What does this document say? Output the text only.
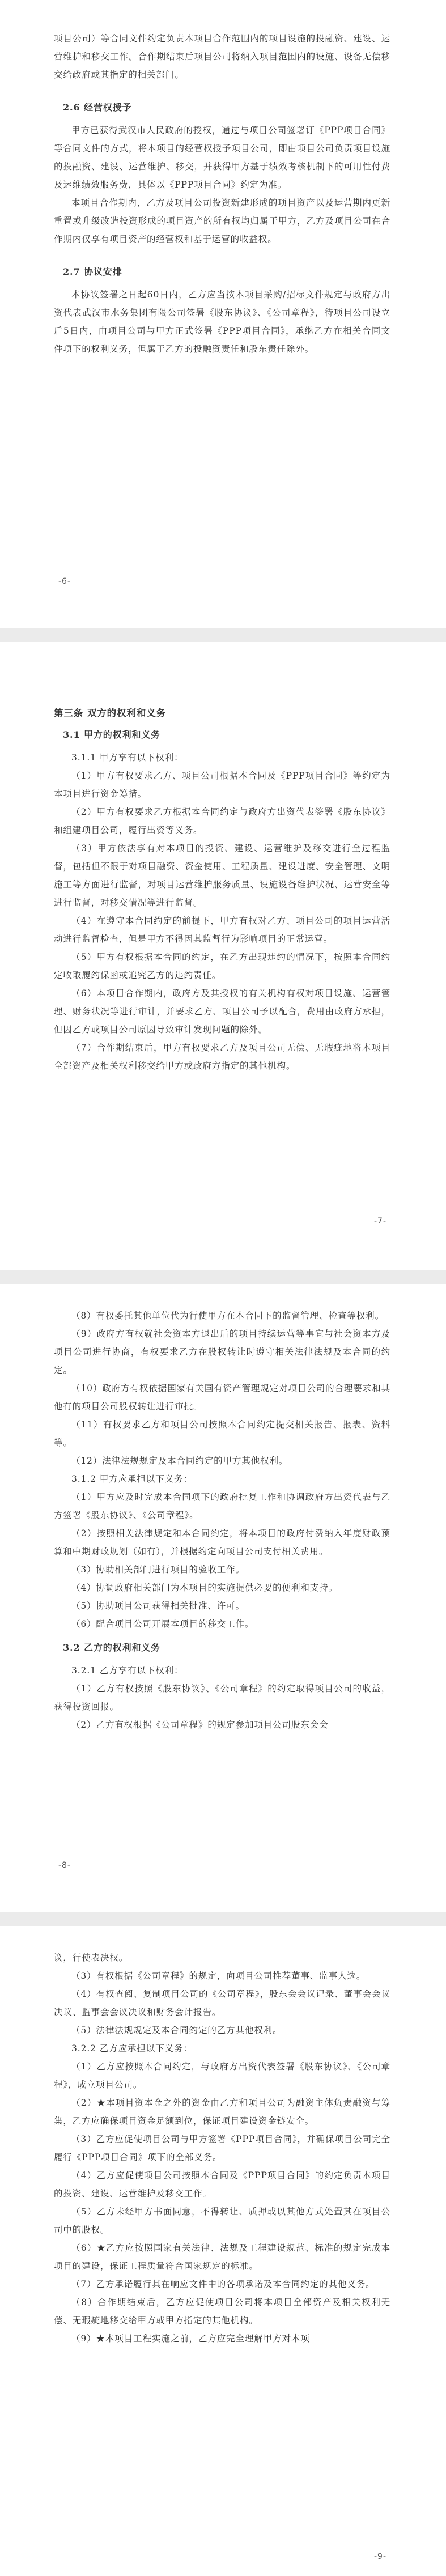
项目公司）等合同文件约定负责本项目合作范围内的项目设施的投融资、建设、运营维护和移交工作。合作期结束后项目公司将纳入项目范围内的设施、设备无偿移交给政府或其指定的相关部门。

2.6 经营权授予

甲方已获得武汉市人民政府的授权，通过与项目公司签署订《PPP项目合同》等合同文件的方式，将本项目的经营权授予项目公司，即由项目公司负责项目设施的投融资、建设、运营维护、移交，并获得甲方基于绩效考核机制下的可用性付费及运维绩效服务费，具体以《PPP项目合同》约定为准。

本项目合作期内，乙方及项目公司投资新建形成的项目资产以及运营期内更新重置或升级改造投资形成的项目资产的所有权均归属于甲方，乙方及项目公司在合作期内仅享有项目资产的经营权和基于运营的收益权。

2.7 协议安排

本协议签署之日起60日内，乙方应当按本项目采购/招标文件规定与政府方出资代表武汉市水务集团有限公司签署《股东协议》、《公司章程》，待项目公司设立后5日内，由项目公司与甲方正式签署《PPP项目合同》，承继乙方在相关合同文件项下的权利义务，但属于乙方的投融资责任和股东责任除外。

-6-

第三条 双方的权利和义务

3.1 甲方的权利和义务

3.1.1 甲方享有以下权利：

（1）甲方有权要求乙方、项目公司根据本合同及《PPP项目合同》等约定为本项目进行资金筹措。

（2）甲方有权要求乙方根据本合同约定与政府方出资代表签署《股东协议》和组建项目公司，履行出资等义务。

（3）甲方依法享有对本项目的投资、建设、运营维护及移交进行全过程监督，包括但不限于对项目融资、资金使用、工程质量、建设进度、安全管理、文明施工等方面进行监督，对项目运营维护服务质量、设施设备维护状况、运营安全等进行监督，对移交情况等进行监督。

（4）在遵守本合同约定的前提下，甲方有权对乙方、项目公司的项目运营活动进行监督检查，但是甲方不得因其监督行为影响项目的正常运营。

（5）甲方有权根据本合同的约定，在乙方出现违约的情况下，按照本合同约定收取履约保函或追究乙方的违约责任。

（6）本项目合作期内，政府方及其授权的有关机构有权对项目设施、运营管理、财务状况等进行审计，并要求乙方、项目公司予以配合，费用由政府方承担，但因乙方或项目公司原因导致审计发现问题的除外。

（7）合作期结束后，甲方有权要求乙方及项目公司无偿、无瑕疵地将本项目全部资产及相关权利移交给甲方或政府方指定的其他机构。

-7-

（8）有权委托其他单位代为行使甲方在本合同下的监督管理、检查等权利。

（9）政府方有权就社会资本方退出后的项目持续运营等事宜与社会资本方及项目公司进行协商，有权要求乙方在股权转让时遵守相关法律法规及本合同的约定。

（10）政府方有权依据国家有关国有资产管理规定对项目公司的合理要求和其他有的项目公司股权转让进行审批。

（11）有权要求乙方和项目公司按照本合同约定提交相关报告、报表、资料等。

（12）法律法规规定及本合同约定的甲方其他权利。

3.1.2 甲方应承担以下义务：

（1）甲方应及时完成本合同项下的政府批复工作和协调政府方出资代表与乙方签署《股东协议》、《公司章程》。

（2）按照相关法律规定和本合同约定，将本项目的政府付费纳入年度财政预算和中期财政规划（如有），并根据约定向项目公司支付相关费用。

（3）协助相关部门进行项目的验收工作。

（4）协调政府相关部门为本项目的实施提供必要的便利和支持。

（5）协助项目公司获得相关批准、许可。

（6）配合项目公司开展本项目的移交工作。

3.2 乙方的权利和义务

3.2.1 乙方享有以下权利：

（1）乙方有权按照《股东协议》、《公司章程》的约定取得项目公司的收益，获得投资回报。

（2）乙方有权根据《公司章程》的规定参加项目公司股东会会

-8-

议，行使表决权。

（3）有权根据《公司章程》的规定，向项目公司推荐董事、监事人选。

（4）有权查阅、复制项目公司的《公司章程》，股东会会议记录、董事会会议决议、监事会会议决议和财务会计报告。

（5）法律法规规定及本合同约定的乙方其他权利。

3.2.2 乙方应承担以下义务：

（1）乙方应按照本合同约定，与政府方出资代表签署《股东协议》、《公司章程》，成立项目公司。

（2）★本项目资本金之外的资金由乙方和项目公司为融资主体负责融资与筹集，乙方应确保项目资金足额到位，保证项目建设资金链安全。

（3）乙方应促使项目公司与甲方签署《PPP项目合同》，并确保项目公司完全履行《PPP项目合同》项下的全部义务。

（4）乙方应促使项目公司按照本合同及《PPP项目合同》的约定负责本项目的投资、建设、运营维护及移交工作。

（5）乙方未经甲方书面同意，不得转让、质押或以其他方式处置其在项目公司中的股权。

（6）★乙方应按照国家有关法律、法规及工程建设规范、标准的规定完成本项目的建设，保证工程质量符合国家规定的标准。

（7）乙方承诺履行其在响应文件中的各项承诺及本合同约定的其他义务。

（8）合作期结束后，乙方应促使项目公司将本项目全部资产及相关权利无偿、无瑕疵地移交给甲方或甲方指定的其他机构。

（9）★本项目工程实施之前，乙方应完全理解甲方对本项

-9-
